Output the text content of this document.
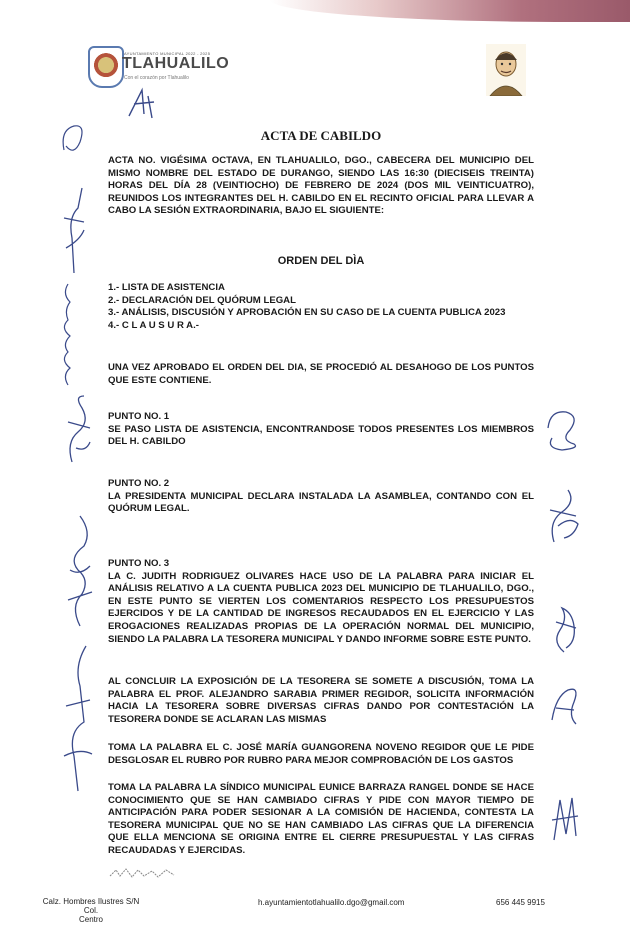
AYUNTAMIENTO MUNICIPAL 2022 - 2025
TLAHUALILO
Con el corazón por Tlahualilo
ACTA DE CABILDO

ACTA NO. VIGÉSIMA OCTAVA, EN TLAHUALILO, DGO., CABECERA DEL MUNICIPIO DEL MISMO NOMBRE DEL ESTADO DE DURANGO, SIENDO LAS 16:30 (DIECISEIS TREINTA) HORAS DEL DÍA 28 (VEINTIOCHO) DE FEBRERO DE 2024 (DOS MIL VEINTICUATRO), REUNIDOS LOS INTEGRANTES DEL H. CABILDO EN EL RECINTO OFICIAL PARA LLEVAR A CABO LA SESIÓN EXTRAORDINARIA, BAJO EL SIGUIENTE:

ORDEN DEL DÌA
1.- LISTA DE ASISTENCIA
2.- DECLARACIÓN DEL QUÓRUM LEGAL
3.- ANÁLISIS, DISCUSIÓN Y APROBACIÓN EN SU CASO DE LA CUENTA PUBLICA 2023
4.- C L A U S U R A.-

UNA VEZ APROBADO EL ORDEN DEL DIA, SE PROCEDIÓ AL DESAHOGO DE LOS PUNTOS QUE ESTE CONTIENE.

PUNTO NO. 1
SE PASO LISTA DE ASISTENCIA, ENCONTRANDOSE TODOS PRESENTES LOS MIEMBROS DEL H. CABILDO
PUNTO NO. 2
LA PRESIDENTA MUNICIPAL DECLARA INSTALADA LA ASAMBLEA, CONTANDO CON EL QUÓRUM LEGAL.
PUNTO NO. 3
LA C. JUDITH RODRIGUEZ OLIVARES HACE USO DE LA PALABRA PARA INICIAR EL ANÁLISIS RELATIVO A LA CUENTA PUBLICA 2023 DEL MUNICIPIO DE TLAHUALILO, DGO., EN ESTE PUNTO SE VIERTEN LOS COMENTARIOS RESPECTO LOS PRESUPUESTOS EJERCIDOS Y DE LA CANTIDAD DE INGRESOS RECAUDADOS EN EL EJERCICIO Y LAS EROGACIONES REALIZADAS PROPIAS DE LA OPERACIÓN NORMAL DEL MUNICIPIO, SIENDO LA PALABRA LA TESORERA MUNICIPAL Y DANDO INFORME SOBRE ESTE PUNTO.

AL CONCLUIR LA EXPOSICIÓN DE LA TESORERA SE SOMETE A DISCUSIÓN, TOMA LA PALABRA EL PROF. ALEJANDRO SARABIA PRIMER REGIDOR, SOLICITA INFORMACIÓN HACIA LA TESORERA SOBRE DIVERSAS CIFRAS DANDO POR CONTESTACIÓN LA TESORERA DONDE SE ACLARAN LAS MISMAS

TOMA LA PALABRA EL C. JOSÉ MARÍA GUANGORENA NOVENO REGIDOR QUE LE PIDE DESGLOSAR EL RUBRO POR RUBRO PARA MEJOR COMPROBACIÓN DE LOS GASTOS

TOMA LA PALABRA LA SÍNDICO MUNICIPAL EUNICE BARRAZA RANGEL DONDE SE HACE CONOCIMIENTO QUE SE HAN CAMBIADO CIFRAS Y PIDE CON MAYOR TIEMPO DE ANTICIPACIÓN PARA PODER SESIONAR A LA COMISIÓN DE HACIENDA, CONTESTA LA TESORERA MUNICIPAL QUE NO SE HAN CAMBIADO LAS CIFRAS QUE LA DIFERENCIA QUE ELLA MENCIONA SE ORIGINA ENTRE EL CIERRE PRESUPUESTAL Y LAS CIFRAS RECAUDADAS Y EJERCIDAS.

Calz. Hombres Ilustres S/N Col.
Centro
h.ayuntamientotlahualilo.dgo@gmail.com	656 445 9915
